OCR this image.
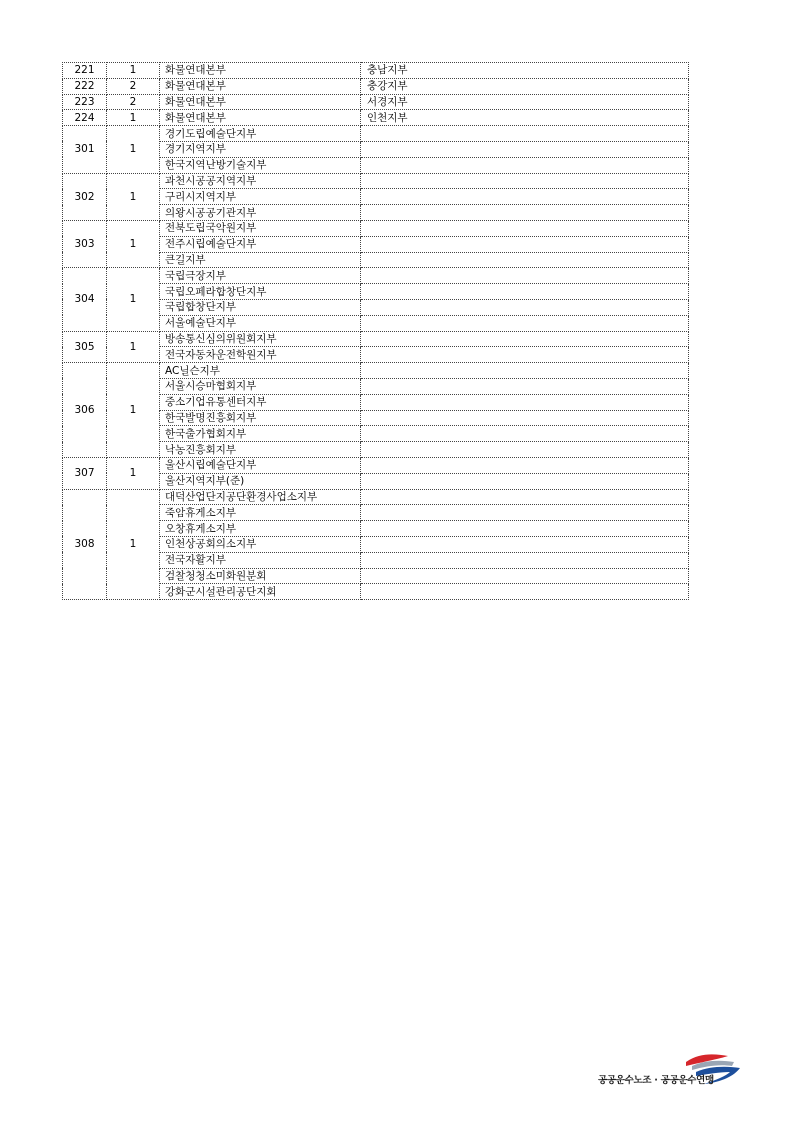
221	1	화물연대본부	충남지부
222	2	화물연대본부	충강지부
223	2	화물연대본부	서경지부
224	1	화물연대본부	인천지부
301	1	경기도립예술단지부	
		경기지역지부	
		한국지역난방기술지부	
302	1	과천시공공지역지부	
		구리시지역지부	
		의왕시공공기관지부	
303	1	전북도립국악원지부	
		전주시립예술단지부	
		큰길지부	
304	1	국립극장지부	
		국립오페라합창단지부	
		국립합창단지부	
		서울예술단지부	
305	1	방송통신심의위원회지부	
		전국자동차운전학원지부	
306	1	AC닐슨지부	
		서울시승마협회지부	
		중소기업유통센터지부	
		한국발명진흥회지부	
		한국출가협회지부	
		낙농진흥회지부	
307	1	울산시립예술단지부	
		울산지역지부(준)	
308	1	대덕산업단지공단환경사업소지부	
		죽암휴게소지부	
		오창휴게소지부	
		인천상공회의소지부	
		전국자활지부	
		검찰청청소미화원분회	
		강화군시설관리공단지회	
공공운수노조 · 공공운수연맹
